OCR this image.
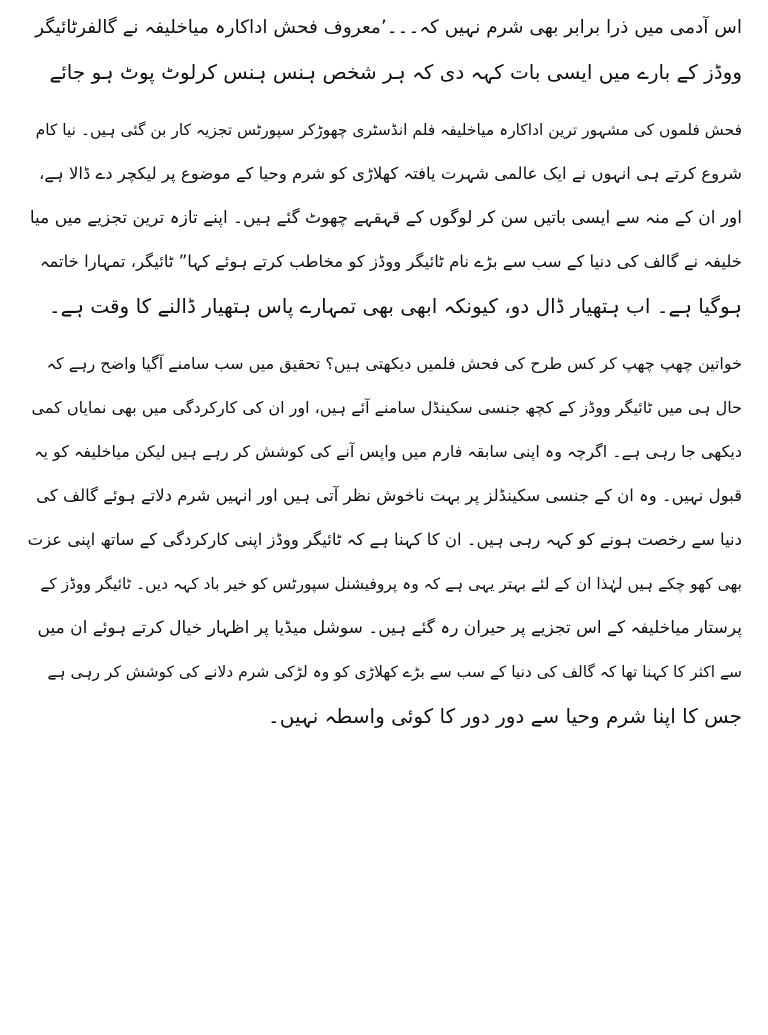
اس آدمی میں ذرا برابر بھی شرم نہیں کہ۔۔۔’معروف فحش اداکارہ میاخلیفہ نے گالفرٹائیگر
ووڈز کے بارے میں ایسی بات کہہ دی کہ ہر شخص ہنس ہنس کرلوٹ پوٹ ہو جائے
فحش فلموں کی مشہور ترین اداکارہ میاخلیفہ فلم انڈسٹری چھوڑکر سپورٹس تجزیہ کار بن گئی ہیں۔ نیا کام
شروع کرتے ہی انہوں نے ایک عالمی شہرت یافتہ کھلاڑی کو شرم وحیا کے موضوع پر لیکچر دے ڈالا ہے،
اور ان کے منہ سے ایسی باتیں سن کر لوگوں کے قہقہے چھوٹ گئے ہیں۔ اپنے تازہ ترین تجزیے میں میا
خلیفہ نے گالف کی دنیا کے سب سے بڑے نام ٹائیگر ووڈز کو مخاطب کرتے ہوئے کہا” ٹائیگر، تمہارا خاتمہ
ہوگیا ہے۔ اب ہتھیار ڈال دو، کیونکہ ابھی بھی تمہارے پاس ہتھیار ڈالنے کا وقت ہے۔
خواتین چھپ چھپ کر کس طرح کی فحش فلمیں دیکھتی ہیں؟ تحقیق میں سب سامنے آگیا واضح رہے کہ
حال ہی میں ٹائیگر ووڈز کے کچھ جنسی سکینڈل سامنے آئے ہیں، اور ان کی کارکردگی میں بھی نمایاں کمی
دیکھی جا رہی ہے۔ اگرچہ وہ اپنی سابقہ فارم میں واپس آنے کی کوشش کر رہے ہیں لیکن میاخلیفہ کو یہ
قبول نہیں۔ وہ ان کے جنسی سکینڈلز پر بہت ناخوش نظر آتی ہیں اور انہیں شرم دلاتے ہوئے گالف کی
دنیا سے رخصت ہونے کو کہہ رہی ہیں۔ ان کا کہنا ہے کہ ٹائیگر ووڈز اپنی کارکردگی کے ساتھ اپنی عزت
بھی کھو چکے ہیں لہٰذا ان کے لئے بہتر یہی ہے کہ وہ پروفیشنل سپورٹس کو خیر باد کہہ دیں۔ ٹائیگر ووڈز کے
پرستار میاخلیفہ کے اس تجزیے پر حیران رہ گئے ہیں۔ سوشل میڈیا پر اظہار خیال کرتے ہوئے ان میں
سے اکثر کا کہنا تھا کہ گالف کی دنیا کے سب سے بڑے کھلاڑی کو وہ لڑکی شرم دلانے کی کوشش کر رہی ہے
جس کا اپنا شرم وحیا سے دور دور کا کوئی واسطہ نہیں۔
